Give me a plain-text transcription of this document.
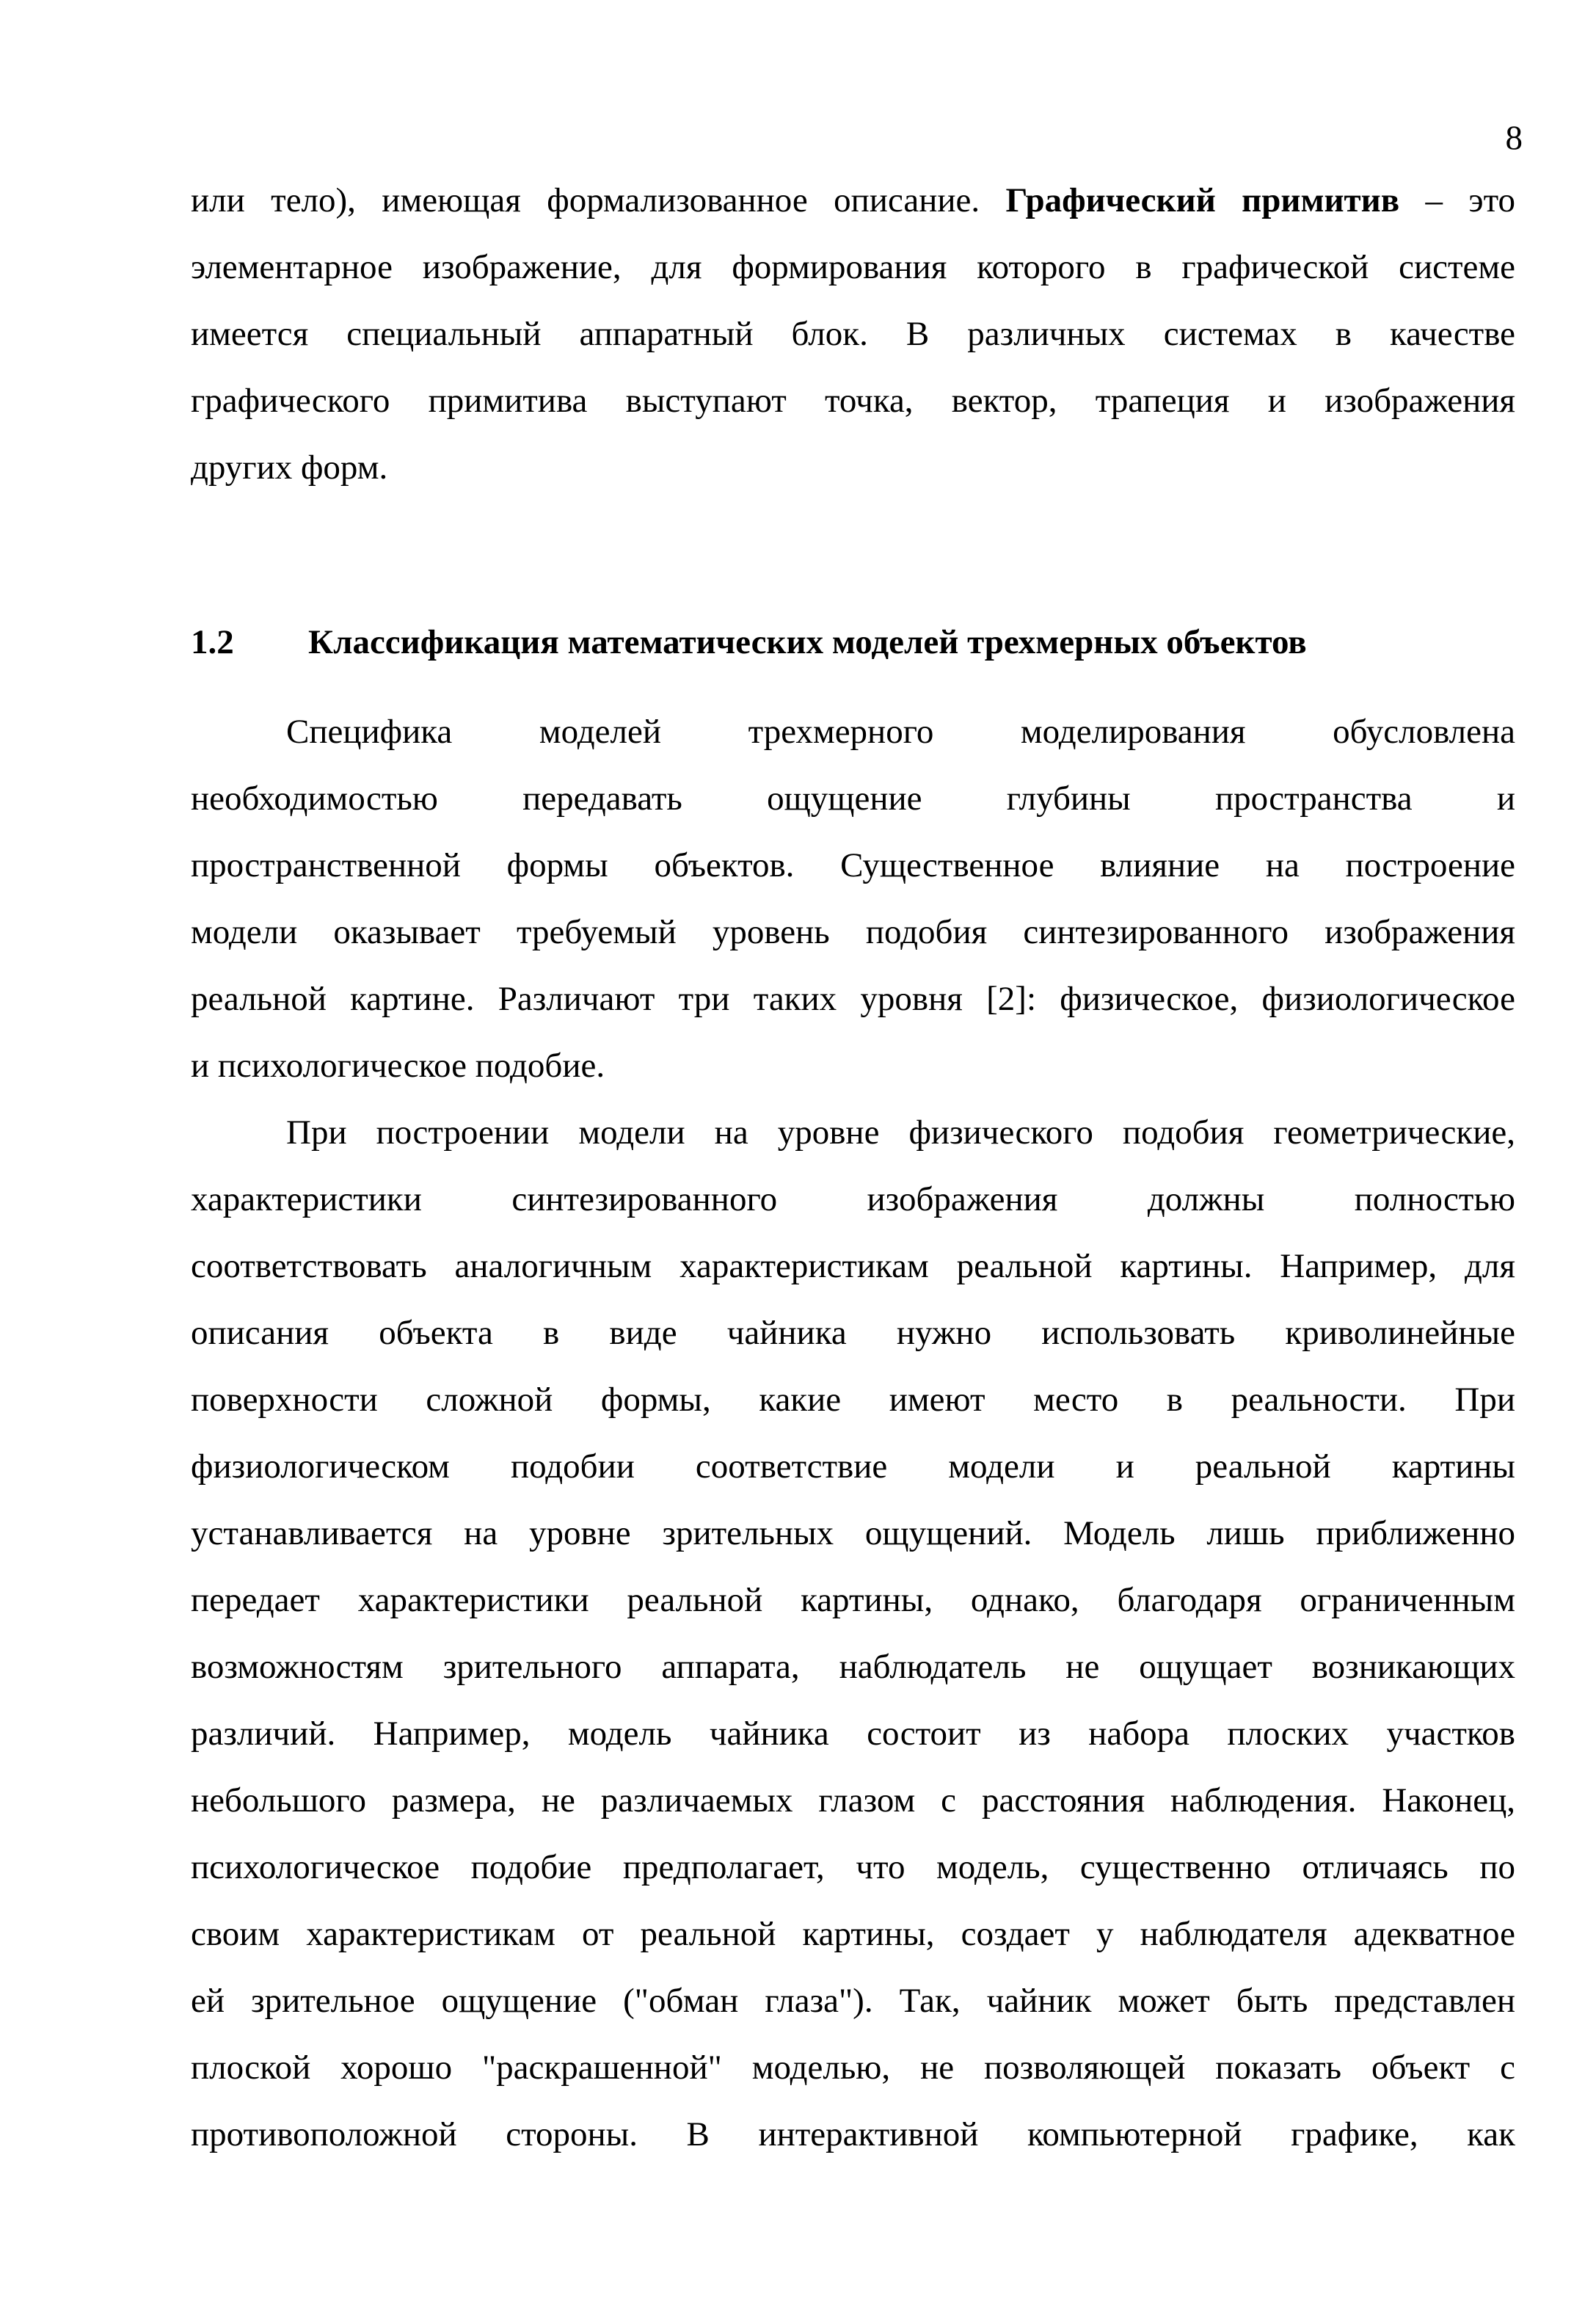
8
или тело), имеющая формализованное описание. Графический примитив – это
элементарное изображение, для формирования которого в графической системе
имеется специальный аппаратный блок. В различных системах в качестве
графического примитива выступают точка, вектор, трапеция и изображения
других форм.
1.2	Классификация математических моделей трехмерных объектов
Специфика моделей трехмерного моделирования обусловлена
необходимостью передавать ощущение глубины пространства и
пространственной формы объектов. Существенное влияние на построение
модели оказывает требуемый уровень подобия синтезированного изображения
реальной картине. Различают три таких уровня [2]: физическое, физиологическое
и психологическое подобие.
При построении модели на уровне физического подобия геометрические,
характеристики синтезированного изображения должны полностью
соответствовать аналогичным характеристикам реальной картины. Например, для
описания объекта в виде чайника нужно использовать криволинейные
поверхности сложной формы, какие имеют место в реальности. При
физиологическом подобии соответствие модели и реальной картины
устанавливается на уровне зрительных ощущений. Модель лишь приближенно
передает характеристики реальной картины, однако, благодаря ограниченным
возможностям зрительного аппарата, наблюдатель не ощущает возникающих
различий. Например, модель чайника состоит из набора плоских участков
небольшого размера, не различаемых глазом с расстояния наблюдения. Наконец,
психологическое подобие предполагает, что модель, существенно отличаясь по
своим характеристикам от реальной картины, создает у наблюдателя адекватное
ей зрительное ощущение ("обман глаза"). Так, чайник может быть представлен
плоской хорошо "раскрашенной" моделью, не позволяющей показать объект с
противоположной стороны. В интерактивной компьютерной графике, как
